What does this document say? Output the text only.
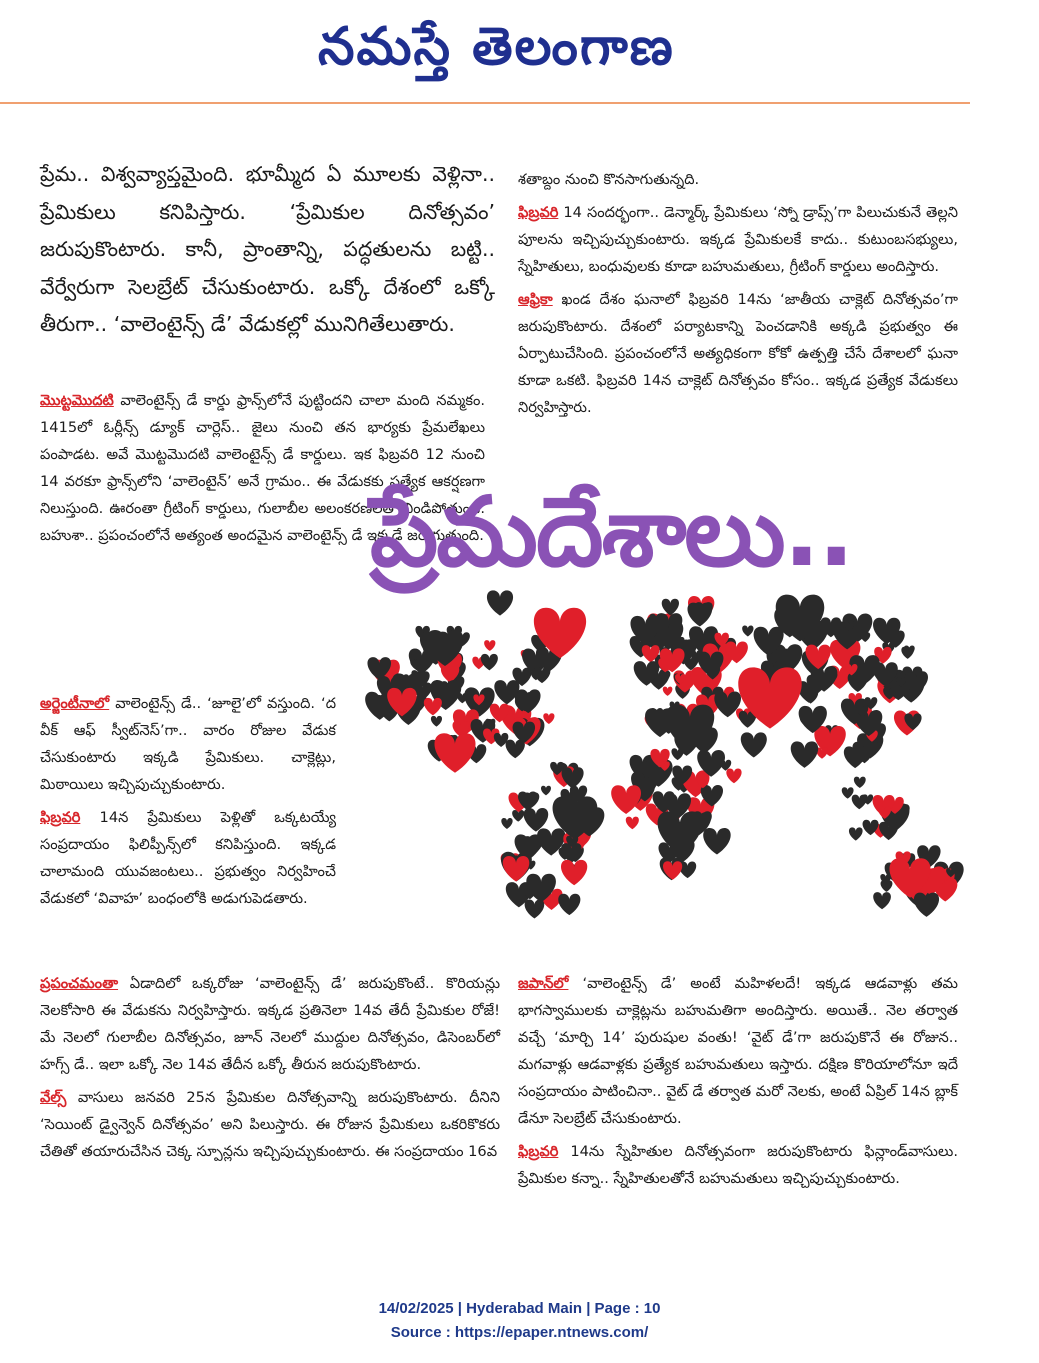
నమస్తే తెలంగాణ
ప్రేమ.. విశ్వవ్యాప్తమైంది. భూమ్మీద ఏ మూలకు వెళ్లినా.. ప్రేమికులు కనిపిస్తారు. ‘ప్రేమికుల దినోత్సవం’ జరుపుకొంటారు. కానీ, ప్రాంతాన్ని, పద్ధతులను బట్టి.. వేర్వేరుగా సెలబ్రేట్ చేసుకుంటారు. ఒక్కో దేశంలో ఒక్కో తీరుగా.. ‘వాలెంటైన్స్ డే’ వేడుకల్లో మునిగితేలుతారు.

మొట్టమొదటి వాలెంటైన్స్ డే కార్డు ఫ్రాన్స్‌లోనే పుట్టిందని చాలా మంది నమ్మకం. 1415లో ఓర్లీన్స్ డ్యూక్ చార్లెస్.. జైలు నుంచి తన భార్యకు ప్రేమలేఖలు పంపాడట. అవే మొట్టమొదటి వాలెంటైన్స్ డే కార్డులు. ఇక ఫిబ్రవరి 12 నుంచి 14 వరకూ ఫ్రాన్స్‌లోని ‘వాలెంటైన్’ అనే గ్రామం.. ఈ వేడుకకు ప్రత్యేక ఆకర్షణగా నిలుస్తుంది. ఊరంతా గ్రీటింగ్ కార్డులు, గులాబీల అలంకరణలతో నిండిపోతుంది. బహుశా.. ప్రపంచంలోనే అత్యంత అందమైన వాలెంటైన్స్ డే ఇక్కడే జరుగుతుంది.

అర్జెంటీనాలో వాలెంటైన్స్ డే.. ‘జూలై’లో వస్తుంది. ‘ద వీక్ ఆఫ్ స్వీట్‌నెస్’గా.. వారం రోజుల వేడుక చేసుకుంటారు ఇక్కడి ప్రేమికులు. చాక్లెట్లు, మిఠాయిలు ఇచ్చిపుచ్చుకుంటారు.

ఫిబ్రవరి 14న ప్రేమికులు పెళ్లితో ఒక్కటయ్యే సంప్రదాయం ఫిలిప్పీన్స్‌లో కనిపిస్తుంది. ఇక్కడ చాలామంది యువజంటలు.. ప్రభుత్వం నిర్వహించే వేడుకలో ‘వివాహ’ బంధంలోకి అడుగుపెడతారు.

శతాబ్దం నుంచి కొనసాగుతున్నది.

ఫిబ్రవరి 14 సందర్భంగా.. డెన్మార్క్ ప్రేమికులు ‘స్నో డ్రాప్స్’గా పిలుచుకునే తెల్లని పూలను ఇచ్చిపుచ్చుకుంటారు. ఇక్కడ ప్రేమికులకే కాదు.. కుటుంబసభ్యులు, స్నేహితులు, బంధువులకు కూడా బహుమతులు, గ్రీటింగ్ కార్డులు అందిస్తారు.

ఆఫ్రికా ఖండ దేశం ఘనాలో ఫిబ్రవరి 14ను ‘జాతీయ చాక్లెట్ దినోత్సవం’గా జరుపుకొంటారు. దేశంలో పర్యాటకాన్ని పెంచడానికి అక్కడి ప్రభుత్వం ఈ ఏర్పాటుచేసింది. ప్రపంచంలోనే అత్యధికంగా కోకో ఉత్పత్తి చేసే దేశాలలో ఘనా కూడా ఒకటి. ఫిబ్రవరి 14న చాక్లెట్ దినోత్సవం కోసం.. ఇక్కడ ప్రత్యేక వేడుకలు నిర్వహిస్తారు.

ప్రేమదేశాలు..

ప్రపంచమంతా ఏడాదిలో ఒక్కరోజు ‘వాలెంటైన్స్ డే’ జరుపుకొంటే.. కొరియన్లు నెలకోసారి ఈ వేడుకను నిర్వహిస్తారు. ఇక్కడ ప్రతినెలా 14వ తేదీ ప్రేమికుల రోజే! మే నెలలో గులాబీల దినోత్సవం, జూన్ నెలలో ముద్దుల దినోత్సవం, డిసెంబర్‌లో హగ్స్ డే.. ఇలా ఒక్కో నెల 14వ తేదీన ఒక్కో తీరున జరుపుకొంటారు.

వేల్స్ వాసులు జనవరి 25న ప్రేమికుల దినోత్సవాన్ని జరుపుకొంటారు. దీనిని ‘సెయింట్ డ్వైన్వెన్ దినోత్సవం’ అని పిలుస్తారు. ఈ రోజున ప్రేమికులు ఒకరికొకరు చేతితో తయారుచేసిన చెక్క స్పూన్లను ఇచ్చిపుచ్చుకుంటారు. ఈ సంప్రదాయం 16వ

జపాన్‌లో ‘వాలెంటైన్స్ డే’ అంటే మహిళలదే! ఇక్కడ ఆడవాళ్లు తమ భాగస్వాములకు చాక్లెట్లను బహుమతిగా అందిస్తారు. అయితే.. నెల తర్వాత వచ్చే ‘మార్చి 14’ పురుషుల వంతు! ‘వైట్ డే’గా జరుపుకొనే ఈ రోజున.. మగవాళ్లు ఆడవాళ్లకు ప్రత్యేక బహుమతులు ఇస్తారు. దక్షిణ కొరియాలోనూ ఇదే సంప్రదాయం పాటించినా.. వైట్ డే తర్వాత మరో నెలకు, అంటే ఏప్రిల్ 14న బ్లాక్ డేనూ సెలబ్రేట్ చేసుకుంటారు.

ఫిబ్రవరి 14ను స్నేహితుల దినోత్సవంగా జరుపుకొంటారు ఫిన్లాండ్‌వాసులు. ప్రేమికుల కన్నా.. స్నేహితులతోనే బహుమతులు ఇచ్చిపుచ్చుకుంటారు.

14/02/2025 | Hyderabad Main | Page : 10
Source : https://epaper.ntnews.com/
